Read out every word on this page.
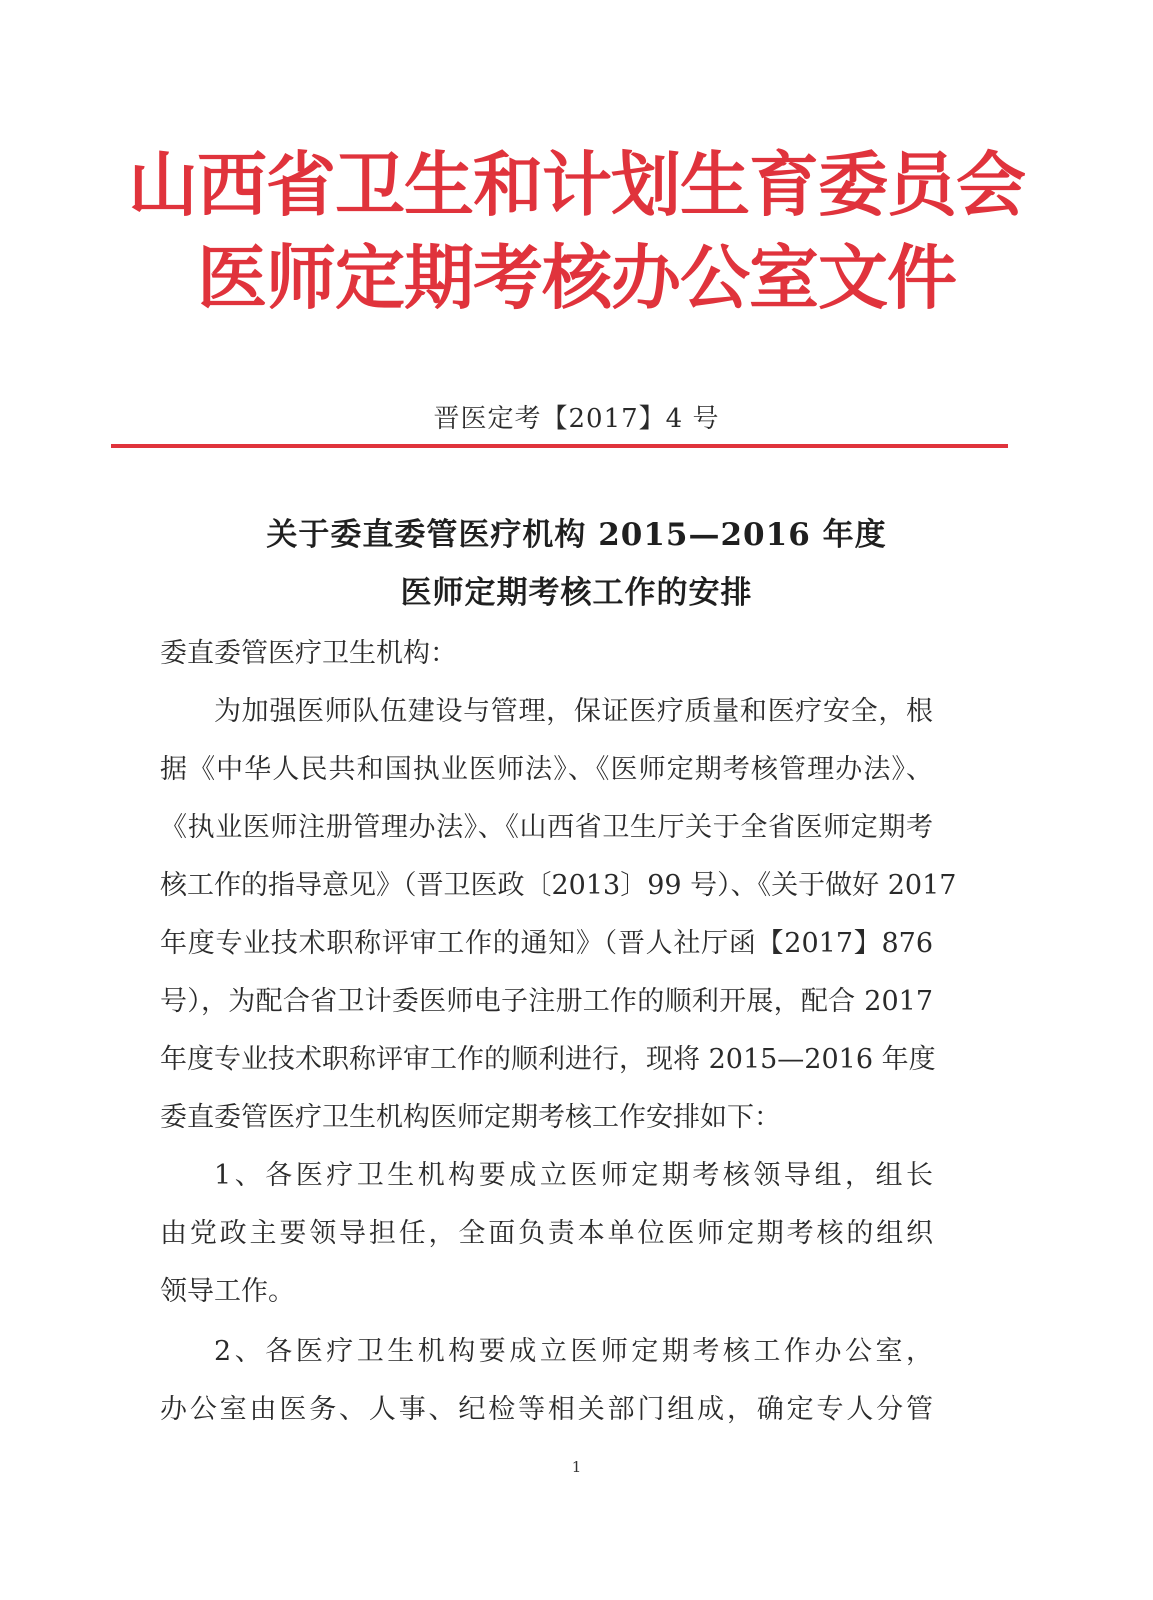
山西省卫生和计划生育委员会
医师定期考核办公室文件
晋医定考【2017】4 号
关于委直委管医疗机构 2015—2016 年度
医师定期考核工作的安排
委直委管医疗卫生机构：
为加强医师队伍建设与管理，保证医疗质量和医疗安全，根
据《中华人民共和国执业医师法》、《医师定期考核管理办法》、
《执业医师注册管理办法》、《山西省卫生厅关于全省医师定期考
核工作的指导意见》（晋卫医政〔2013〕99 号）、《关于做好 2017
年度专业技术职称评审工作的通知》（晋人社厅函【2017】876
号），为配合省卫计委医师电子注册工作的顺利开展，配合 2017
年度专业技术职称评审工作的顺利进行，现将 2015—2016 年度
委直委管医疗卫生机构医师定期考核工作安排如下：
1、各医疗卫生机构要成立医师定期考核领导组，组长
由党政主要领导担任，全面负责本单位医师定期考核的组织
领导工作。
2、各医疗卫生机构要成立医师定期考核工作办公室，
办公室由医务、人事、纪检等相关部门组成，确定专人分管
1
